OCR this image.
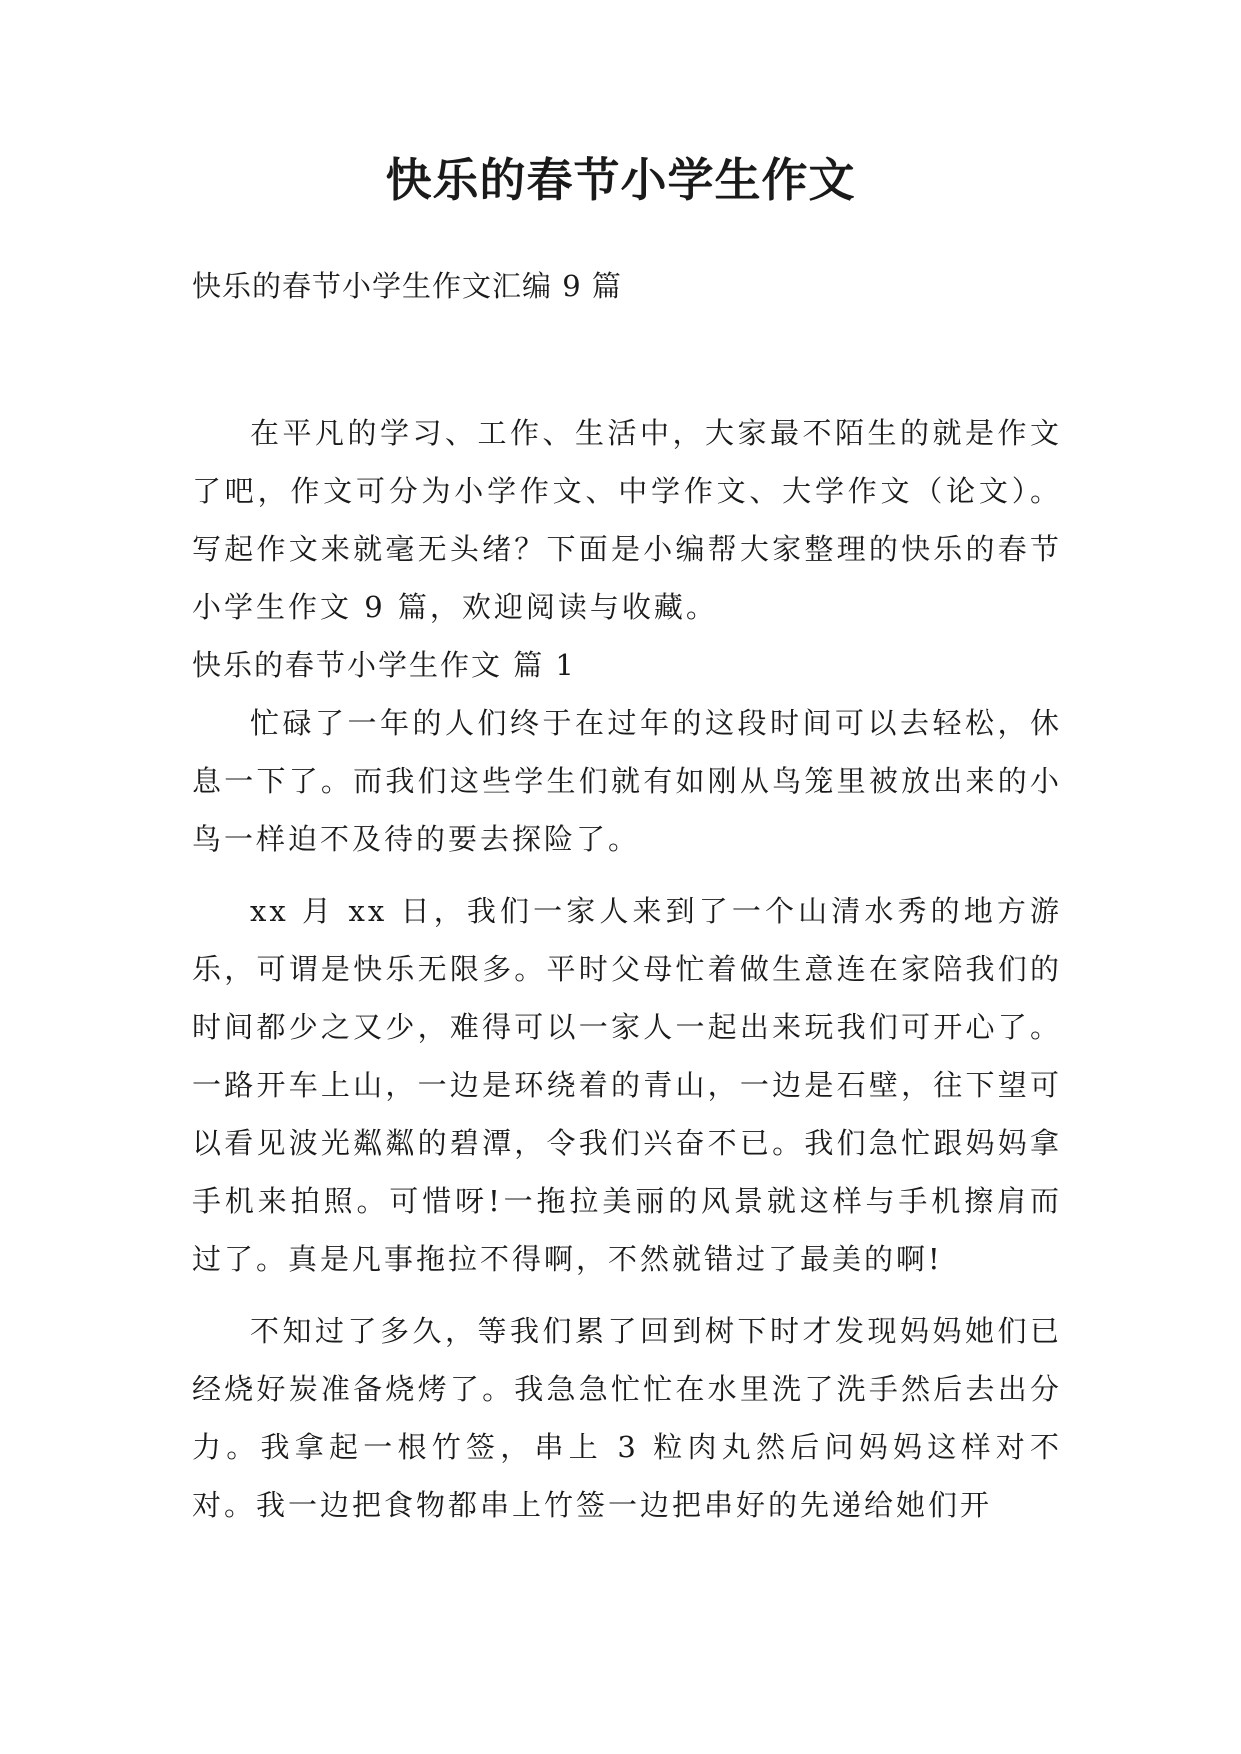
快乐的春节小学生作文

快乐的春节小学生作文汇编 9 篇

在平凡的学习、工作、生活中，大家最不陌生的就是作文了吧，作文可分为小学作文、中学作文、大学作文（论文）。写起作文来就毫无头绪？下面是小编帮大家整理的快乐的春节小学生作文 9 篇，欢迎阅读与收藏。

快乐的春节小学生作文 篇 1

忙碌了一年的人们终于在过年的这段时间可以去轻松，休息一下了。而我们这些学生们就有如刚从鸟笼里被放出来的小鸟一样迫不及待的要去探险了。

xx 月 xx 日，我们一家人来到了一个山清水秀的地方游乐，可谓是快乐无限多。平时父母忙着做生意连在家陪我们的时间都少之又少，难得可以一家人一起出来玩我们可开心了。一路开车上山，一边是环绕着的青山，一边是石壁，往下望可以看见波光粼粼的碧潭，令我们兴奋不已。我们急忙跟妈妈拿手机来拍照。可惜呀!一拖拉美丽的风景就这样与手机擦肩而过了。真是凡事拖拉不得啊，不然就错过了最美的啊!

不知过了多久，等我们累了回到树下时才发现妈妈她们已经烧好炭准备烧烤了。我急急忙忙在水里洗了洗手然后去出分力。我拿起一根竹签，串上 3 粒肉丸然后问妈妈这样对不对。我一边把食物都串上竹签一边把串好的先递给她们开
